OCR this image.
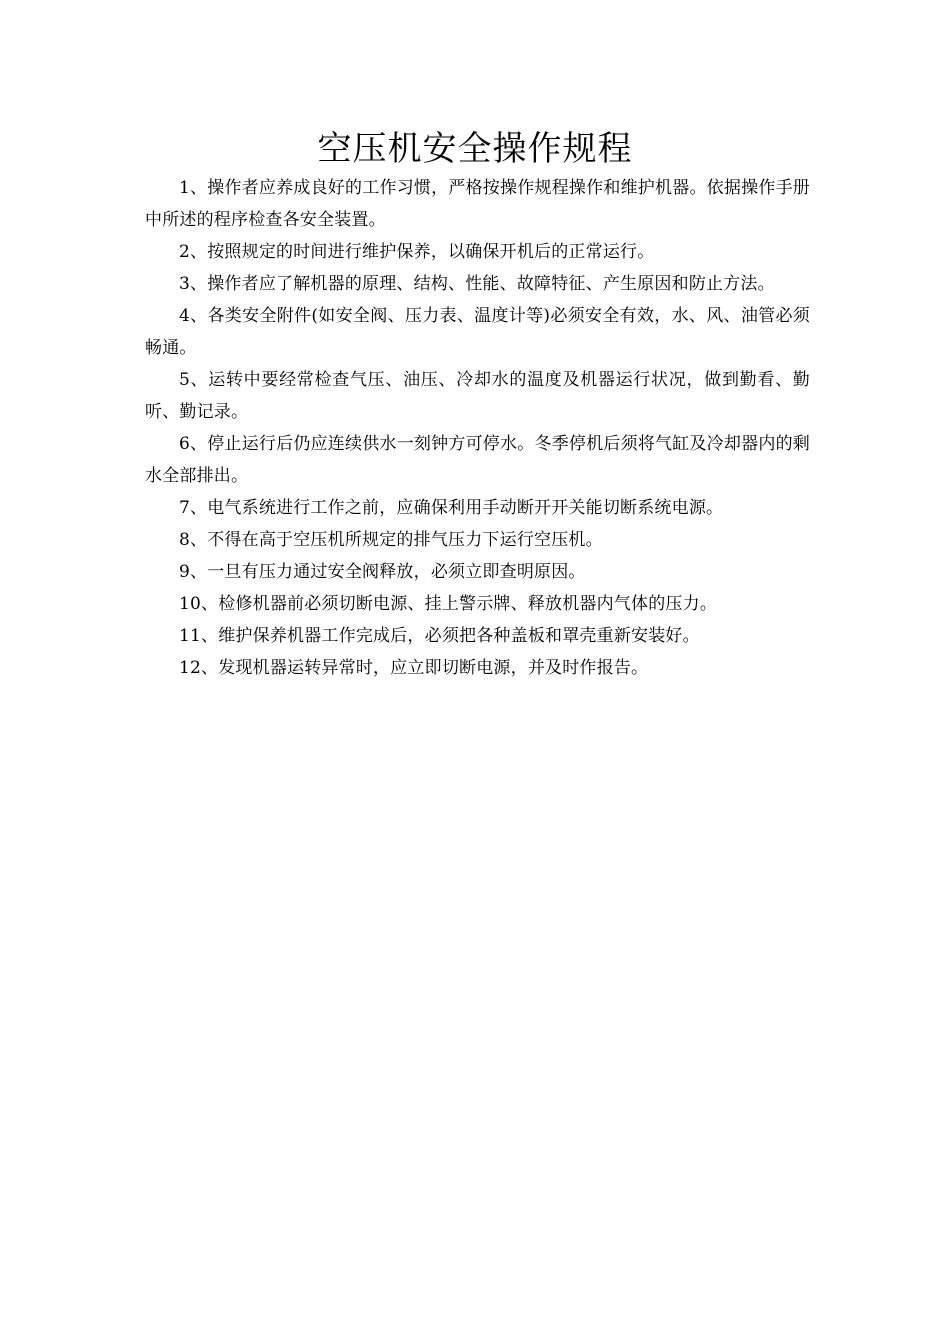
空压机安全操作规程

1、操作者应养成良好的工作习惯，严格按操作规程操作和维护机器。依据操作手册中所述的程序检查各安全装置。

2、按照规定的时间进行维护保养，以确保开机后的正常运行。

3、操作者应了解机器的原理、结构、性能、故障特征、产生原因和防止方法。

4、各类安全附件(如安全阀、压力表、温度计等)必须安全有效，水、风、油管必须畅通。

5、运转中要经常检查气压、油压、冷却水的温度及机器运行状况，做到勤看、勤听、勤记录。

6、停止运行后仍应连续供水一刻钟方可停水。冬季停机后须将气缸及冷却器内的剩水全部排出。

7、电气系统进行工作之前，应确保利用手动断开开关能切断系统电源。

8、不得在高于空压机所规定的排气压力下运行空压机。

9、一旦有压力通过安全阀释放，必须立即查明原因。

10、检修机器前必须切断电源、挂上警示牌、释放机器内气体的压力。

11、维护保养机器工作完成后，必须把各种盖板和罩壳重新安装好。

12、发现机器运转异常时，应立即切断电源，并及时作报告。
